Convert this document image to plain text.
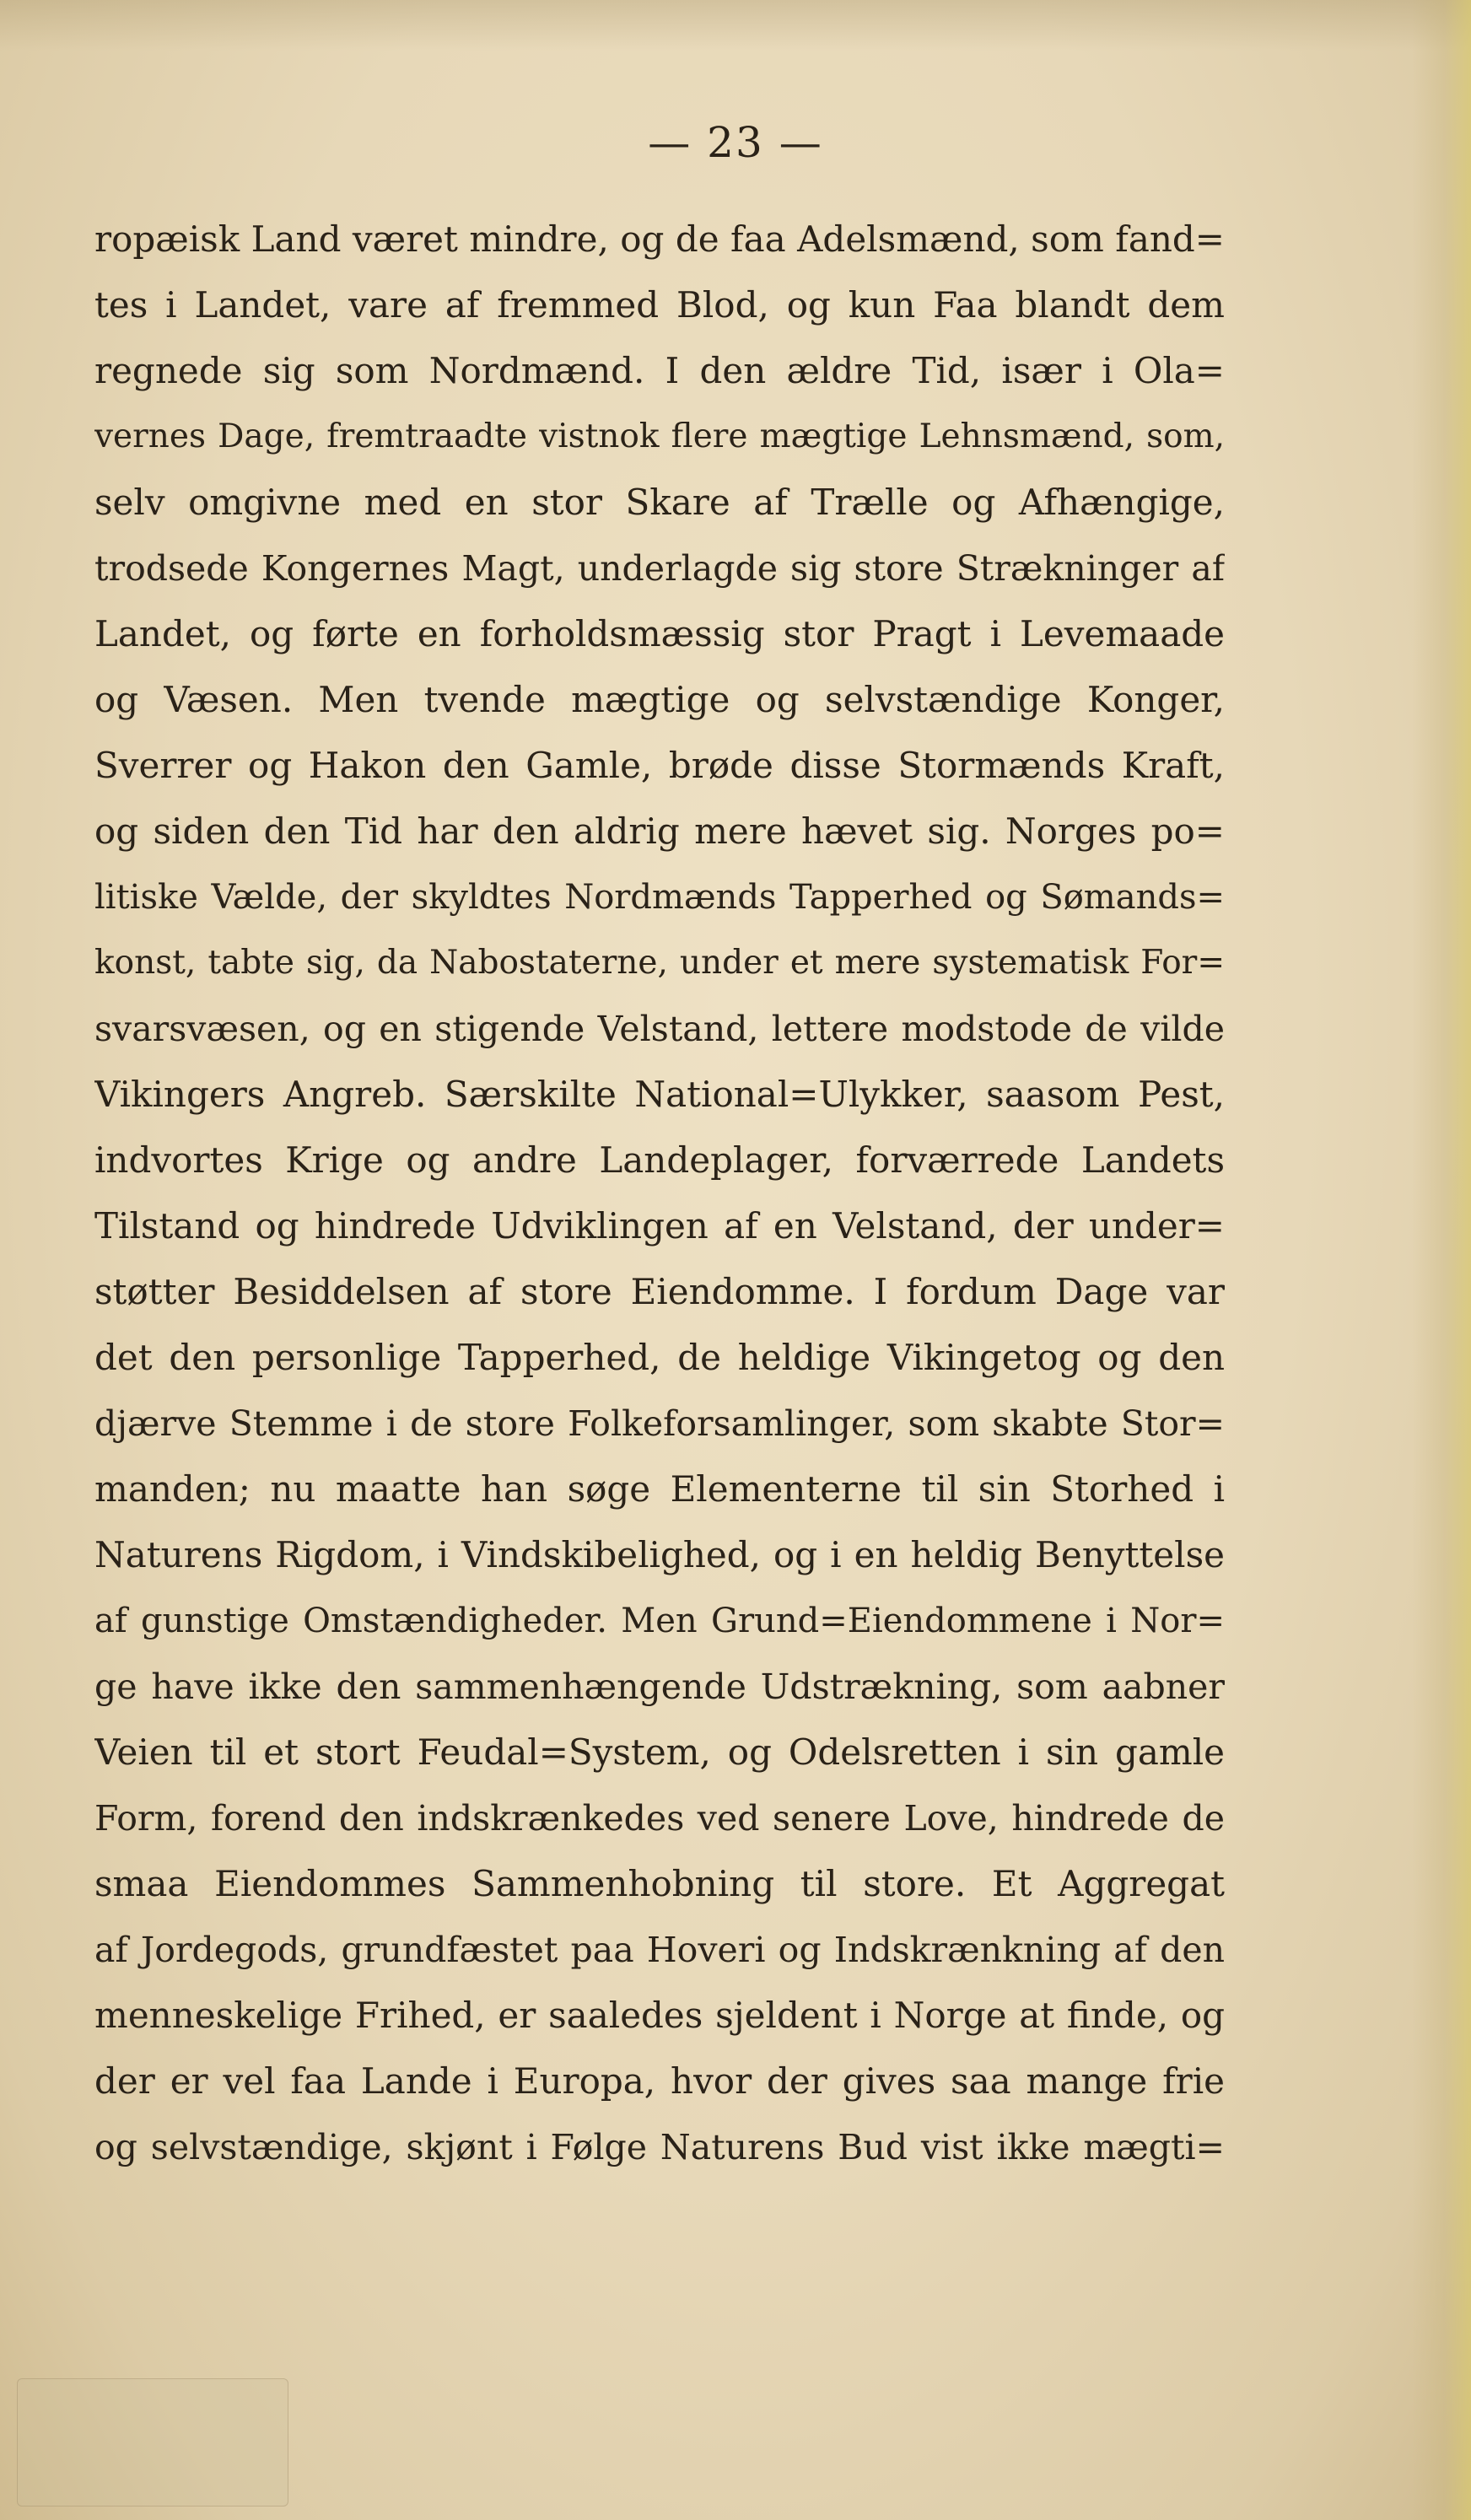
— 23 —
ropæisk Land været mindre, og de faa Adelsmænd, som fand=
tes i Landet, vare af fremmed Blod, og kun Faa blandt dem
regnede sig som Nordmænd. I den ældre Tid, især i Ola=
vernes Dage, fremtraadte vistnok flere mægtige Lehnsmænd, som,
selv omgivne med en stor Skare af Trælle og Afhængige,
trodsede Kongernes Magt, underlagde sig store Strækninger af
Landet, og førte en forholdsmæssig stor Pragt i Levemaade
og Væsen. Men tvende mægtige og selvstændige Konger,
Sverrer og Hakon den Gamle, brøde disse Stormænds Kraft,
og siden den Tid har den aldrig mere hævet sig. Norges po=
litiske Vælde, der skyldtes Nordmænds Tapperhed og Sømands=
konst, tabte sig, da Nabostaterne, under et mere systematisk For=
svarsvæsen, og en stigende Velstand, lettere modstode de vilde
Vikingers Angreb. Særskilte National=Ulykker, saasom Pest,
indvortes Krige og andre Landeplager, forværrede Landets
Tilstand og hindrede Udviklingen af en Velstand, der under=
støtter Besiddelsen af store Eiendomme. I fordum Dage var
det den personlige Tapperhed, de heldige Vikingetog og den
djærve Stemme i de store Folkeforsamlinger, som skabte Stor=
manden; nu maatte han søge Elementerne til sin Storhed i
Naturens Rigdom, i Vindskibelighed, og i en heldig Benyttelse
af gunstige Omstændigheder. Men Grund=Eiendommene i Nor=
ge have ikke den sammenhængende Udstrækning, som aabner
Veien til et stort Feudal=System, og Odelsretten i sin gamle
Form, forend den indskrænkedes ved senere Love, hindrede de
smaa Eiendommes Sammenhobning til store. Et Aggregat
af Jordegods, grundfæstet paa Hoveri og Indskrænkning af den
menneskelige Frihed, er saaledes sjeldent i Norge at finde, og
der er vel faa Lande i Europa, hvor der gives saa mange frie
og selvstændige, skjønt i Følge Naturens Bud vist ikke mægti=
